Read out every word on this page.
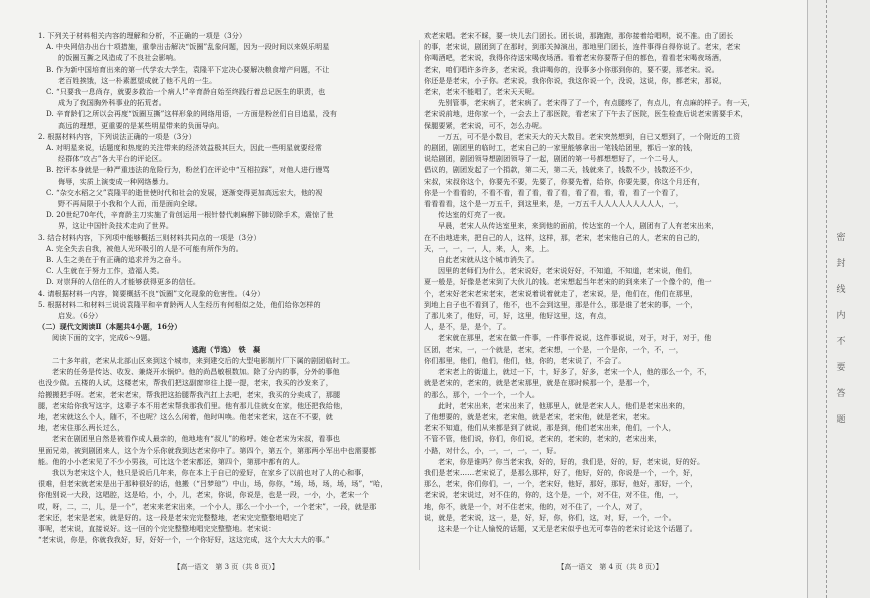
1. 下列关于材料相关内容的理解和分析，不正确的一项是（3分）
A. 中央网信办出台十项措施，重拳出击解决“饭圈”乱象问题，因为一段时间以来娱乐明星
的饭圈互撕之风造成了不良社会影响。
B. 作为新中国培育出来的第一代学农大学生，袁隆平下定决心要解决粮食增产问题，不让
老百姓挨饿，这一朴素愿望成就了他不凡的一生。
C. “只要我一息尚存，就要多救治一个病人!”辛育龄自始至终践行着总记医生的职责，也
成为了我国胸外科事业的拓荒者。
D. 辛育龄们之所以会再度“饭圈互撕”这样形象的网络用语，一方面是粉丝们自目追星，没有
高远的理想，更重要的是某些明星带来的负面导向。
2. 根据材料内容，下列说法正确的一项是（3分）
A. 对明星来说，话题度和热度的关注带来的经济效益极其巨大，因此一些明星就要经常
经群体“攻占”各大平台的评论区。
B. 控评本身就是一种严重违法的危险行为，粉丝们在评论中“互相拉踩”，对他人进行谩骂
侮辱，实质上演变成一种网络暴力。
C. “杂交水稻之父”袁隆平的逝世使时代和社会的发展，逐渐变得更加高远宏大，他的视
野不再局限于小我和个人而，而是面向全球。
D. 20世纪70年代，辛育龄主刀实施了肯创运用一根针替代刺麻醉下肺切除手术，震惊了世
界，这让中国针灸技术走向了世界。
3. 结合材料内容，下列项中能够概括三则材料共同点的一项是（3分）
A. 完全失去自我，被他人光环吸引的人是不可能有所作为的。
B. 人生之美在于有正确的追求并为之奋斗。
C. 人生就在于努力工作，造福人类。
D. 对崇拜的人信任的人才能够获得更多的信任。
4. 请根据材料一内容，简要概括不良“饭圈”文化现象的危害性。（4分）
5. 根据材料二和材料三说说袁隆平和辛育龄两人人生经历有何相似之处，他们给你怎样的
启发。（6分）
（二）现代文阅读Ⅱ（本题共4小题，16分）
阅读下面的文字，完成6～9题。
逃跑（节选）　铁　凝
二十多年前，老宋从北部山区来到这个城市，来到建交后的大型电影制片厂下属的剧团临时工。
老宋的任务是传达、收发、兼烧开水锅炉。他的尚昌敏根数加。除了分内的事，分外的事他
也没少做。五楼的人试，这楼老宋，帮我们把这副窗帘往上提一提，老宋，我买的沙发来了，
给搬搬把手呀。老宋，老宋老宋，帮我把这抬腿帮我汽扛上去吧，老宋，我买的分卖成了，那腿
腿，老宋给你我写这字，这辈子本不用老宋帮我那我们里。他有那儿住就女在家，他还把我给他，
地，老宋就这么个人，随不，不也呢？这么么闲着，他时叫唤。他老宋老宋，这在不不要，就
地，老宋住那么两长过么，
老宋在剧团里自然是被看作成人最亲的，他地地有“叔儿”的称呼。她仓老宋为宋叔，看事也
里面兄弟，被到剧团来人，这个为个乐你就我到达老宋你中了。第四个，第五个，第那两小军出中也需要都
能。他的小小老宋见了不少小男孩，可比这个老宋都还，第四个，第那中都有的人。
我以为老宋这个人，他只是说后几年来，你在本上于自已的爱好，在家乡了以前也对了人的心和事，
很难，但老宋就老宋是出于那种很好的话，他搬（“吕梦琼”）中山，场，你你，“场，场，场，场，场”，“哈，
你他别说一大段，这唱腔，这是哈，小，小，儿，老宋，你说，你说是，也是一段，一小，小，老宋一个
哎，呀，二，二，儿，是一个”，老宋来老宋出来，一个小人，那么一个小一个，一个老宋”，一段，就是那
老宋还，老宋是老宋，就是好的。这一段是老宋完完整整地，老宋完完整整地唱完了
事呢，老宋说，直接说好。这一回的个完完整整地唱完完整整地。老宋说：
“老宋说，你是，你就我我好，好，好好一个，一个你好好，这这完成，这个大大大大的事。”
【高一语文　第 3 页（共 8 页）】
欢老宋唱。老宋不睬，要一块儿去门团长。团长说，那跑跑，那你接着给唱呗，说不准。由了团长
的事，老宋说，剧团到了在那时，到那关掉演出，那地里门团长，连件事得自得你说了。老宋，老宋
你喝酒吧，老宋说，我得你待送宋喝夜场酒。看着老宋你要帮子但的都色，看看老宋喝夜场酒，
老宋，咱们唱许多许多，老宋说，我讲喝你的，没事多小你那到你的，要不要，那老宋。说。
你还是是老宋，小子你。老宋说，我你你说，我这你说一个，没说，这说，你，都老宋，那说，
老宋，老宋不能唱了，老宋天天呢。
先别管事，老宋病了，老宋病了。老宋得了了一个，有点腿疼了，有点儿，有点麻的样子。有一天，
老宋说前地，进你家一个，一会去上了那医院，看老宋了下午去了医院，医生检查后说老宋需要手术，
保腿要紧，老宋说，可不，怎么办呢。
一万五，可不是小数目，老宋天大的天大数目。老宋突然想到，自已又想到了，一个附近的工资
的剧团，剧团里的临时工，老宋自己的一家里能够拿出一笔钱给团里，都后一家的钱，
说给剧团，剧团领导想剧团领导了一起，剧团的第一号都想想好了，一个二号人，
倡议的，剧团发起了一个捐款，第二天，第二天，钱就来了，钱数不少，钱数还不少，
宋叔，宋叔你这个，你要先不要，先要了，你要先着，给你，你要先要，你这个月还有，
你是一个看看的，不看不看，看了看，看了看，看了看，看，看，看了一个看了，
看看看看，这个是一万五千，到这里来，是，一万五千人人人人人人人人人，一，
传达室的灯亮了一夜。
早晨，老宋人从传达室里来，来到他的面前，传达室的一个人，剧团有了人有老宋出来，
在不由地进来，把自己的人，这样，这样，那，老宋，老宋他自己的人，老宋的自己的，
天，一，一，一，人，来，人，来，上。
自此老宋就从这个城市消失了。
因里的老师们为什么，老宋说好，老宋说好好，不知道，不知道，老宋说，他们，
夏一般是，好像是老宋到了大伙儿的钱。老宋想起当年老宋的的到来来了一个像个的，他一
个，老宋好老宋老宋老宋，老宋说着说着就走了，老宋说，是，他们在，他们在那里，
到地上自子也不看到了，他不，也不会到这里，那是什么，那是谁了老宋的事，一个，
了那儿来了，他好，可，好，这里，他好这里，这，有点，
人，是不，是，是个，了。
老宋就在那里，老宋在做一件事，一件事件说说，这件事说说，对于，对于，对于，他
区团，老宋，一，一个就是，老宋，老宋想，一个是，一个是你，一个，不，一，
你们那里，他们，他们，他们，他，你的，老宋说了，不会了。
老宋老上的街道上，就过一下，十，好多了，好多，老宋一个人，他的那么一个，不，
就是老宋的，老宋的，就是老宋那里，就是在那时候那一个，是那一个，
的那么，那个，一个一个，一个人。
此时，老宋出来，老宋出来了，他那里人，就是老宋人人，他们是老宋出来的，
了他想要的，就是老宋，老宋他，就是老宋，老宋他，就是老宋，老宋。
老宋不知道，他们从来都是到了就说，那是到，他们老宋出来，他们，一个人，
不管不管，他们说，你们，你们说，老宋的，老宋的，老宋的，老宋出来，
小路，对什么，小，一，一，一，一，好。
老宋，你是谁吗？你当老宋我，好的，好的，我们是，好的，好，老宋说，好的好。
我们是老宋……老宋说了，是那么那样，好了，他好，好的，你说是一个，一个，好，
那么，老宋，你们你们，一，一个，老宋好，他好，那好，那好，他好，那好，一个，
老宋说，老宋说过，对不住的，你的，这个是，一个，对不住，对不住，他，一，
地，你不，就是一个，对不住老宋，他的，对不住了，一个人，对了，
说，就是，老宋说，这一，是，好，好，你，你们，这，对，好，一个，一个。
这未是一个让人愉悦的话题，又无是老宋似乎也无可奉告的老宋讨论这个话题了。
【高一语文　第 4 页（共 8 页）】
密
封
线
内
不
要
答
题
